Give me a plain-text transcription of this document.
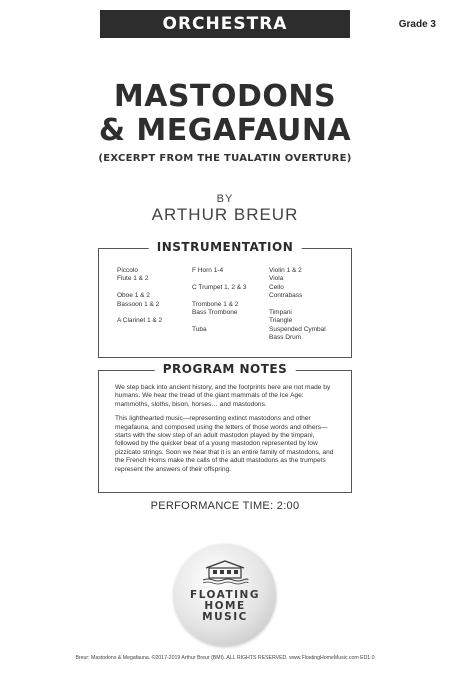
ORCHESTRA	Grade 3
MASTODONS
& MEGAFAUNA
(EXCERPT FROM THE TUALATIN OVERTURE)
BY
ARTHUR BREUR
INSTRUMENTATION
Piccolo
Flute 1 & 2
Oboe 1 & 2
Bassoon 1 & 2
A Clarinet 1 & 2
F Horn 1-4
C Trumpet 1, 2 & 3
Trombone 1 & 2
Bass Trombone
Tuba
Violin 1 & 2
Viola
Cello
Contrabass
Timpani
Triangle
Suspended Cymbal
Bass Drum
PROGRAM NOTES

We step back into ancient history, and the footprints here are not made by humans. We hear the tread of the giant mammals of the Ice Age: mammoths, sloths, bison, horses… and mastodons.

This lighthearted music—representing extinct mastodons and other megafauna, and composed using the letters of those words and others—starts with the slow step of an adult mastodon played by the timpani, followed by the quicker beat of a young mastodon represented by low pizzicato strings. Soon we hear that it is an entire family of mastodons, and the French Horns make the calls of the adult mastodons as the trumpets represent the answers of their offspring.

PERFORMANCE TIME: 2:00
FLOATING
HOME
MUSIC
Breur: Mastodons & Megafauna. ©2017-2019 Arthur Breur (BMI). ALL RIGHTS RESERVED. www.FloatingHomeMusic.com ED1.0
